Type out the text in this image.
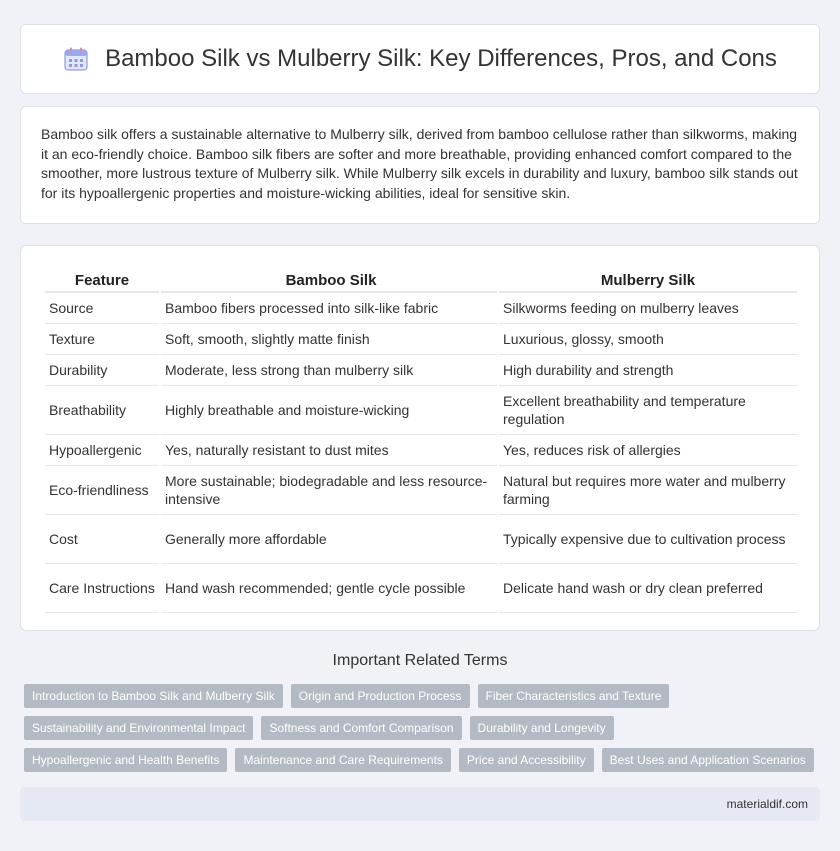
Bamboo Silk vs Mulberry Silk: Key Differences, Pros, and Cons

Bamboo silk offers a sustainable alternative to Mulberry silk, derived from bamboo cellulose rather than silkworms, making it an eco-friendly choice. Bamboo silk fibers are softer and more breathable, providing enhanced comfort compared to the smoother, more lustrous texture of Mulberry silk. While Mulberry silk excels in durability and luxury, bamboo silk stands out for its hypoallergenic properties and moisture-wicking abilities, ideal for sensitive skin.

Feature	Bamboo Silk	Mulberry Silk
Source	Bamboo fibers processed into silk-like fabric	Silkworms feeding on mulberry leaves
Texture	Soft, smooth, slightly matte finish	Luxurious, glossy, smooth
Durability	Moderate, less strong than mulberry silk	High durability and strength
Breathability	Highly breathable and moisture-wicking	Excellent breathability and temperature regulation
Hypoallergenic	Yes, naturally resistant to dust mites	Yes, reduces risk of allergies
Eco-friendliness	More sustainable; biodegradable and less resource-intensive	Natural but requires more water and mulberry farming
Cost	Generally more affordable	Typically expensive due to cultivation process
Care Instructions	Hand wash recommended; gentle cycle possible	Delicate hand wash or dry clean preferred
Important Related Terms
Introduction to Bamboo Silk and Mulberry Silk	Origin and Production Process	Fiber Characteristics and Texture
Sustainability and Environmental Impact	Softness and Comfort Comparison	Durability and Longevity
Hypoallergenic and Health Benefits	Maintenance and Care Requirements	Price and Accessibility	Best Uses and Application Scenarios
materialdif.com
